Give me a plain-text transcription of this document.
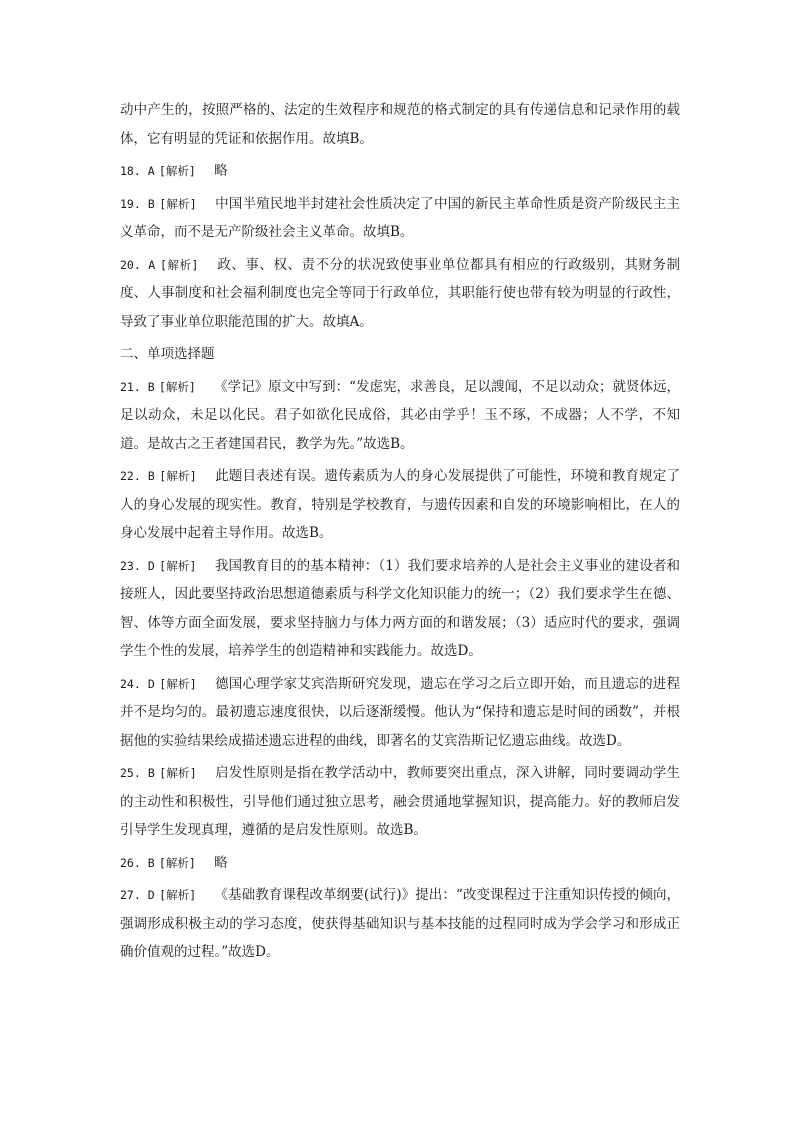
动中产生的，按照严格的、法定的生效程序和规范的格式制定的具有传递信息和记录作用的载体，它有明显的凭证和依据作用。故填B。

18. A [解析] 略

19. B [解析] 中国半殖民地半封建社会性质决定了中国的新民主革命性质是资产阶级民主主义革命，而不是无产阶级社会主义革命。故填B。

20. A [解析] 政、事、权、责不分的状况致使事业单位都具有相应的行政级别，其财务制度、人事制度和社会福利制度也完全等同于行政单位，其职能行使也带有较为明显的行政性，导致了事业单位职能范围的扩大。故填A。

二、单项选择题

21. B [解析] 《学记》原文中写到：“发虑宪，求善良，足以謏闻，不足以动众；就贤体远，足以动众，未足以化民。君子如欲化民成俗，其必由学乎！玉不琢，不成器；人不学，不知道。是故古之王者建国君民，教学为先。”故选B。

22. B [解析] 此题目表述有误。遗传素质为人的身心发展提供了可能性，环境和教育规定了人的身心发展的现实性。教育，特别是学校教育，与遗传因素和自发的环境影响相比，在人的身心发展中起着主导作用。故选B。

23. D [解析] 我国教育目的的基本精神：（1）我们要求培养的人是社会主义事业的建设者和接班人，因此要坚持政治思想道德素质与科学文化知识能力的统一；（2）我们要求学生在德、智、体等方面全面发展，要求坚持脑力与体力两方面的和谐发展；（3）适应时代的要求，强调学生个性的发展，培养学生的创造精神和实践能力。故选D。

24. D [解析] 德国心理学家艾宾浩斯研究发现，遗忘在学习之后立即开始，而且遗忘的进程并不是均匀的。最初遗忘速度很快，以后逐渐缓慢。他认为“保持和遗忘是时间的函数”，并根据他的实验结果绘成描述遗忘进程的曲线，即著名的艾宾浩斯记忆遗忘曲线。故选D。

25. B [解析] 启发性原则是指在教学活动中，教师要突出重点，深入讲解，同时要调动学生的主动性和积极性，引导他们通过独立思考，融会贯通地掌握知识，提高能力。好的教师启发引导学生发现真理，遵循的是启发性原则。故选B。

26. B [解析] 略

27. D [解析] 《基础教育课程改革纲要(试行)》提出：“改变课程过于注重知识传授的倾向，强调形成积极主动的学习态度，使获得基础知识与基本技能的过程同时成为学会学习和形成正确价值观的过程。”故选D。
